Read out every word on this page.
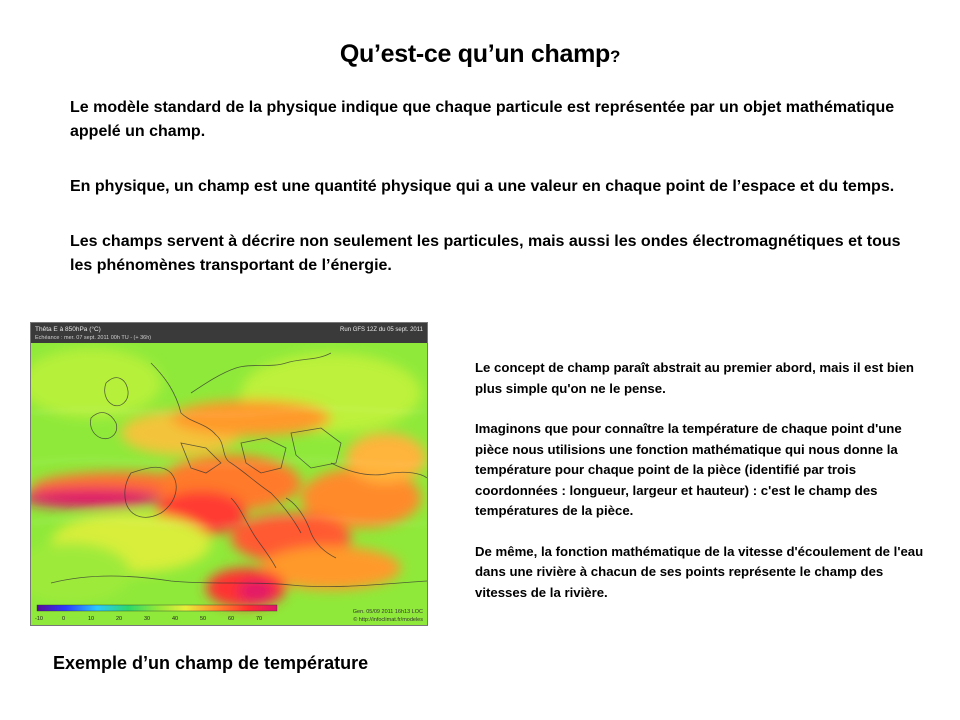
Qu’est-ce qu’un champ?

Le modèle standard de la physique indique que chaque particule est représentée par un objet mathématique appelé un champ.

En physique, un champ est une quantité physique qui a une valeur en chaque point de l’espace et du temps.

Les champs servent à décrire non seulement les particules, mais aussi les ondes électromagnétiques et tous les phénomènes transportant de l’énergie.

Thêta E à 850hPa (°C)
Echéance : mer. 07 sept. 2011 00h TU - (+ 36h)
Run GFS 12Z du 05 sept. 2011
-10	0	10	20	30	40	50	60	70
Gen. 05/09 2011 16h13 LOC
© http://infoclimat.fr/modeles
Exemple d’un champ de température

Le concept de champ paraît abstrait au premier abord, mais il est bien plus simple qu'on ne le pense.

Imaginons que pour connaître la température de chaque point d'une pièce nous utilisions une fonction mathématique qui nous donne la température pour chaque point de la pièce (identifié par trois coordonnées : longueur, largeur et hauteur) : c'est le champ des températures de la pièce.

De même, la fonction mathématique de la vitesse d'écoulement de l'eau dans une rivière à chacun de ses points représente le champ des vitesses de la rivière.
